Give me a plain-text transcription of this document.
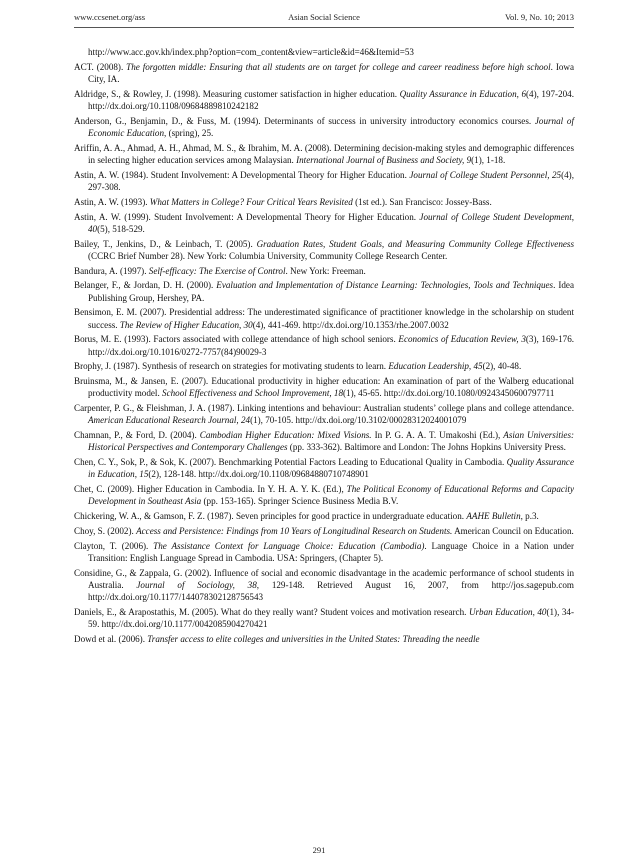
www.ccsenet.org/ass	Asian Social Science	Vol. 9, No. 10; 2013

http://www.acc.gov.kh/index.php?option=com_content&view=article&id=46&Itemid=53

ACT. (2008). The forgotten middle: Ensuring that all students are on target for college and career readiness before high school. Iowa City, IA.

Aldridge, S., & Rowley, J. (1998). Measuring customer satisfaction in higher education. Quality Assurance in Education, 6(4), 197-204. http://dx.doi.org/10.1108/09684889810242182

Anderson, G., Benjamin, D., & Fuss, M. (1994). Determinants of success in university introductory economics courses. Journal of Economic Education, (spring), 25.

Ariffin, A. A., Ahmad, A. H., Ahmad, M. S., & Ibrahim, M. A. (2008). Determining decision-making styles and demographic differences in selecting higher education services among Malaysian. International Journal of Business and Society, 9(1), 1-18.

Astin, A. W. (1984). Student Involvement: A Developmental Theory for Higher Education. Journal of College Student Personnel, 25(4), 297-308.

Astin, A. W. (1993). What Matters in College? Four Critical Years Revisited (1st ed.). San Francisco: Jossey-Bass.

Astin, A. W. (1999). Student Involvement: A Developmental Theory for Higher Education. Journal of College Student Development, 40(5), 518-529.

Bailey, T., Jenkins, D., & Leinbach, T. (2005). Graduation Rates, Student Goals, and Measuring Community College Effectiveness (CCRC Brief Number 28). New York: Columbia University, Community College Research Center.

Bandura, A. (1997). Self-efficacy: The Exercise of Control. New York: Freeman.

Belanger, F., & Jordan, D. H. (2000). Evaluation and Implementation of Distance Learning: Technologies, Tools and Techniques. Idea Publishing Group, Hershey, PA.

Bensimon, E. M. (2007). Presidential address: The underestimated significance of practitioner knowledge in the scholarship on student success. The Review of Higher Education, 30(4), 441-469. http://dx.doi.org/10.1353/rhe.2007.0032

Borus, M. E. (1993). Factors associated with college attendance of high school seniors. Economics of Education Review, 3(3), 169-176. http://dx.doi.org/10.1016/0272-7757(84)90029-3

Brophy, J. (1987). Synthesis of research on strategies for motivating students to learn. Education Leadership, 45(2), 40-48.

Bruinsma, M., & Jansen, E. (2007). Educational productivity in higher education: An examination of part of the Walberg educational productivity model. School Effectiveness and School Improvement, 18(1), 45-65. http://dx.doi.org/10.1080/09243450600797711

Carpenter, P. G., & Fleishman, J. A. (1987). Linking intentions and behaviour: Australian students’ college plans and college attendance. American Educational Research Journal, 24(1), 70-105. http://dx.doi.org/10.3102/00028312024001079

Chamnan, P., & Ford, D. (2004). Cambodian Higher Education: Mixed Visions. In P. G. A. A. T. Umakoshi (Ed.), Asian Universities: Historical Perspectives and Contemporary Challenges (pp. 333-362). Baltimore and London: The Johns Hopkins University Press.

Chen, C. Y., Sok, P., & Sok, K. (2007). Benchmarking Potential Factors Leading to Educational Quality in Cambodia. Quality Assurance in Education, 15(2), 128-148. http://dx.doi.org/10.1108/09684880710748901

Chet, C. (2009). Higher Education in Cambodia. In Y. H. A. Y. K. (Ed.), The Political Economy of Educational Reforms and Capacity Development in Southeast Asia (pp. 153-165). Springer Science Business Media B.V.

Chickering, W. A., & Gamson, F. Z. (1987). Seven principles for good practice in undergraduate education. AAHE Bulletin, p.3.

Choy, S. (2002). Access and Persistence: Findings from 10 Years of Longitudinal Research on Students. American Council on Education.

Clayton, T. (2006). The Assistance Context for Language Choice: Education (Cambodia). Language Choice in a Nation under Transition: English Language Spread in Cambodia. USA: Springers, (Chapter 5).

Considine, G., & Zappala, G. (2002). Influence of social and economic disadvantage in the academic performance of school students in Australia. Journal of Sociology, 38, 129-148. Retrieved August 16, 2007, from http://jos.sagepub.com http://dx.doi.org/10.1177/144078302128756543

Daniels, E., & Arapostathis, M. (2005). What do they really want? Student voices and motivation research. Urban Education, 40(1), 34-59. http://dx.doi.org/10.1177/0042085904270421

Dowd et al. (2006). Transfer access to elite colleges and universities in the United States: Threading the needle

291
